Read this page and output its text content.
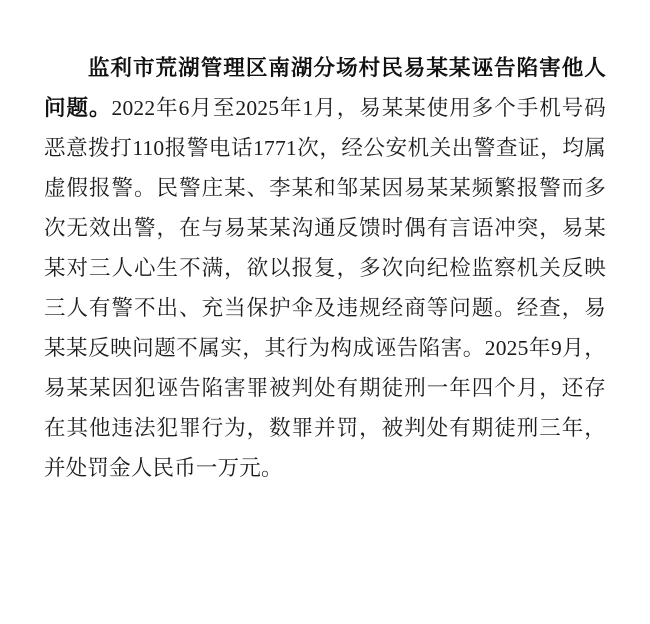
监利市荒湖管理区南湖分场村民易某某诬告陷害他人问题。2022年6月至2025年1月，易某某使用多个手机号码恶意拨打110报警电话1771次，经公安机关出警查证，均属虚假报警。民警庄某、李某和邹某因易某某频繁报警而多次无效出警，在与易某某沟通反馈时偶有言语冲突，易某某对三人心生不满，欲以报复，多次向纪检监察机关反映三人有警不出、充当保护伞及违规经商等问题。经查，易某某反映问题不属实，其行为构成诬告陷害。2025年9月，易某某因犯诬告陷害罪被判处有期徒刑一年四个月，还存在其他违法犯罪行为，数罪并罚，被判处有期徒刑三年，并处罚金人民币一万元。
